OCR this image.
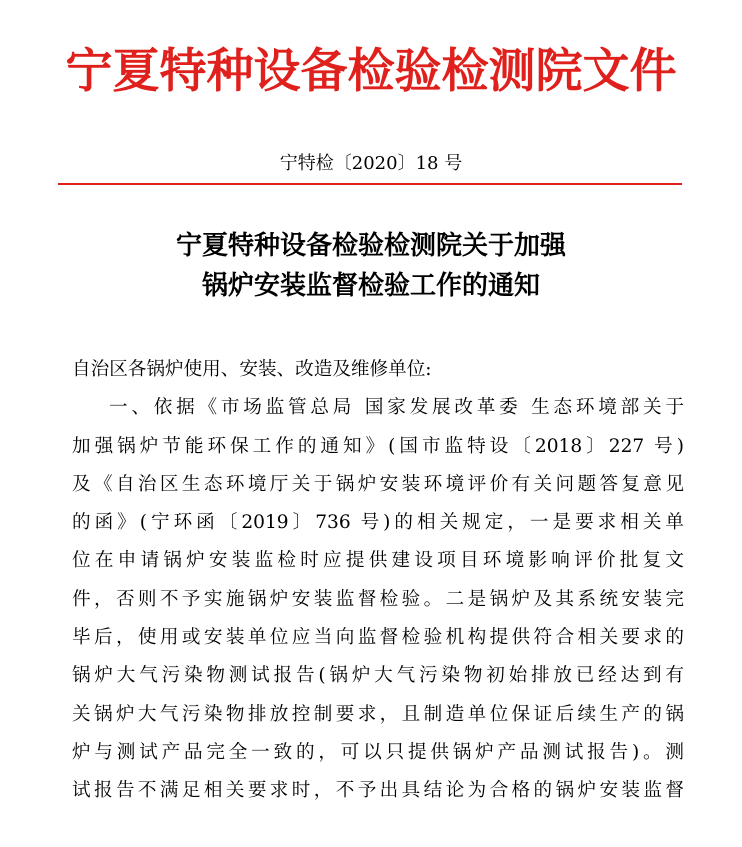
宁夏特种设备检验检测院文件
宁特检〔2020〕18 号
宁夏特种设备检验检测院关于加强
锅炉安装监督检验工作的通知
自治区各锅炉使用、安装、改造及维修单位:
一、依据《市场监管总局 国家发展改革委 生态环境部关于
加强锅炉节能环保工作的通知》(国市监特设〔2018〕227 号)
及《自治区生态环境厅关于锅炉安装环境评价有关问题答复意见
的函》(宁环函〔2019〕736 号)的相关规定，一是要求相关单
位在申请锅炉安装监检时应提供建设项目环境影响评价批复文
件，否则不予实施锅炉安装监督检验。二是锅炉及其系统安装完
毕后，使用或安装单位应当向监督检验机构提供符合相关要求的
锅炉大气污染物测试报告(锅炉大气污染物初始排放已经达到有
关锅炉大气污染物排放控制要求，且制造单位保证后续生产的锅
炉与测试产品完全一致的，可以只提供锅炉产品测试报告)。测
试报告不满足相关要求时，不予出具结论为合格的锅炉安装监督
